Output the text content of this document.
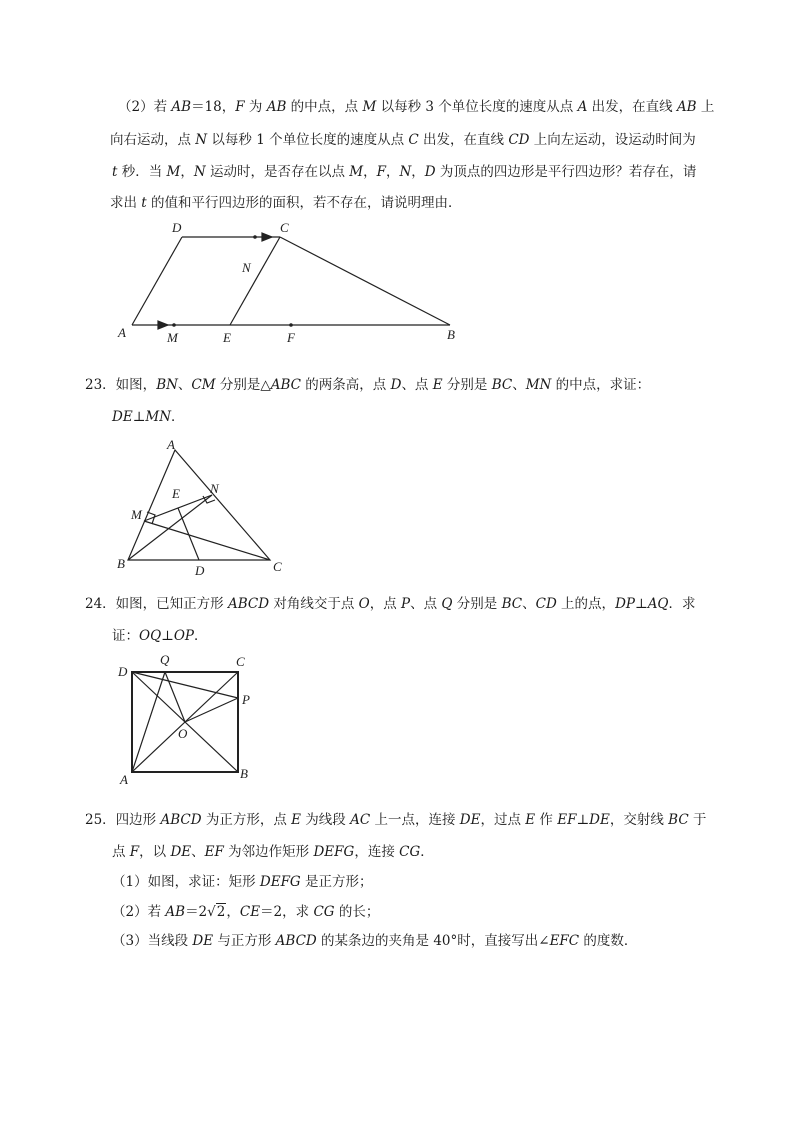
（2）若 AB＝18，F 为 AB 的中点，点 M 以每秒 3 个单位长度的速度从点 A 出发，在直线 AB 上
向右运动，点 N 以每秒 1 个单位长度的速度从点 C 出发，在直线 CD 上向左运动，设运动时间为
t 秒．当 M，N 运动时，是否存在以点 M，F，N，D 为顶点的四边形是平行四边形？若存在，请
求出 t 的值和平行四边形的面积，若不存在，请说明理由．
D	C
N
A	M	E	F	B
23．如图，BN、CM 分别是△ABC 的两条高，点 D、点 E 分别是 BC、MN 的中点，求证：
DE⊥MN．
A
E N
M
B	D	C
24．如图，已知正方形 ABCD 对角线交于点 O，点 P、点 Q 分别是 BC、CD 上的点，DP⊥AQ．求
证：OQ⊥OP．
D
Q	C
P
O
A	B
25．四边形 ABCD 为正方形，点 E 为线段 AC 上一点，连接 DE，过点 E 作 EF⊥DE，交射线 BC 于
点 F，以 DE、EF 为邻边作矩形 DEFG，连接 CG．
（1）如图，求证：矩形 DEFG 是正方形；
（2）若 AB＝2√2，CE＝2，求 CG 的长；
（3）当线段 DE 与正方形 ABCD 的某条边的夹角是 40°时，直接写出∠EFC 的度数．
